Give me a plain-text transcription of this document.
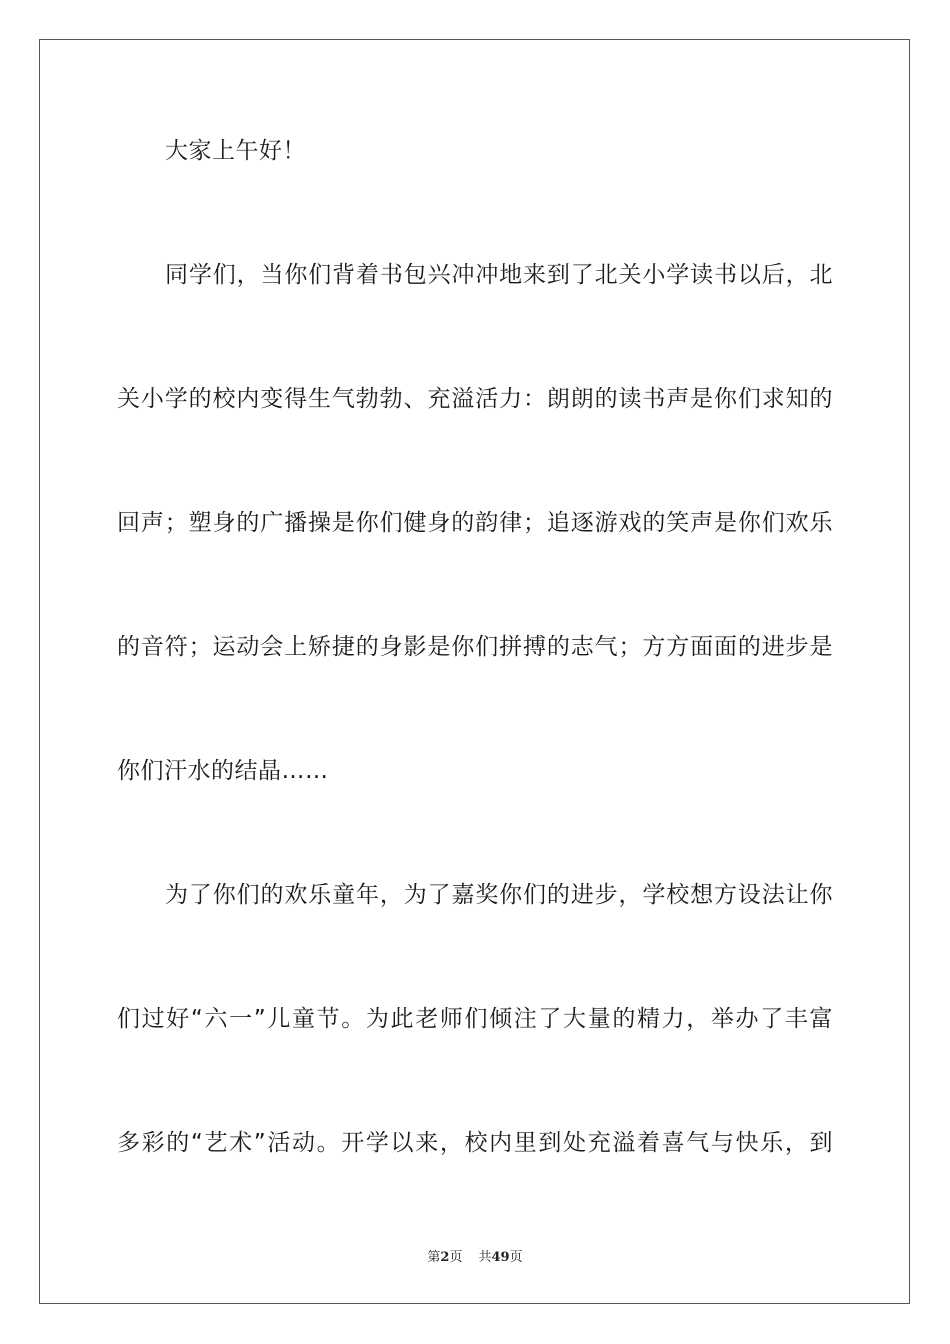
大家上午好！
同学们，当你们背着书包兴冲冲地来到了北关小学读书以后，北
关小学的校内变得生气勃勃、充溢活力：朗朗的读书声是你们求知的
回声；塑身的广播操是你们健身的韵律；追逐游戏的笑声是你们欢乐
的音符；运动会上矫捷的身影是你们拼搏的志气；方方面面的进步是
你们汗水的结晶……
为了你们的欢乐童年，为了嘉奖你们的进步，学校想方设法让你
们过好“六一”儿童节。为此老师们倾注了大量的精力，举办了丰富
多彩的“艺术”活动。开学以来，校内里到处充溢着喜气与快乐，到
第2页 共49页
